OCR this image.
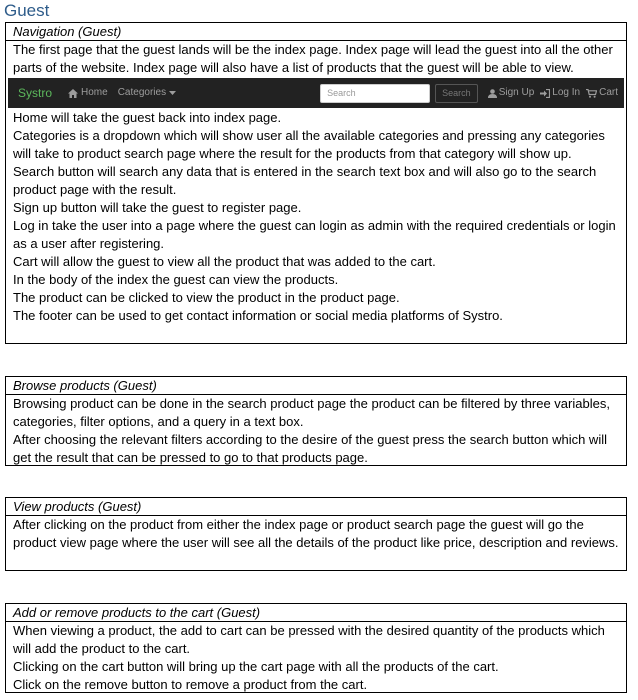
Guest
Navigation (Guest)

The first page that the guest lands will be the index page. Index page will lead the guest into all the other parts of the website. Index page will also have a list of products that the guest will be able to view.

Systro	Home Categories	Search	Search	Sign Up Log In Cart

Home will take the guest back into index page.

Categories is a dropdown which will show user all the available categories and pressing any categories will take to product search page where the result for the products from that category will show up.

Search button will search any data that is entered in the search text box and will also go to the search product page with the result.

Sign up button will take the guest to register page.

Log in take the user into a page where the guest can login as admin with the required credentials or login as a user after registering.

Cart will allow the guest to view all the product that was added to the cart.

In the body of the index the guest can view the products.

The product can be clicked to view the product in the product page.

The footer can be used to get contact information or social media platforms of Systro.

Browse products (Guest)

Browsing product can be done in the search product page the product can be filtered by three variables, categories, filter options, and a query in a text box.

After choosing the relevant filters according to the desire of the guest press the search button which will get the result that can be pressed to go to that products page.

View products (Guest)

After clicking on the product from either the index page or product search page the guest will go the product view page where the user will see all the details of the product like price, description and reviews.

Add or remove products to the cart (Guest)

When viewing a product, the add to cart can be pressed with the desired quantity of the products which will add the product to the cart.

Clicking on the cart button will bring up the cart page with all the products of the cart.

Click on the remove button to remove a product from the cart.
